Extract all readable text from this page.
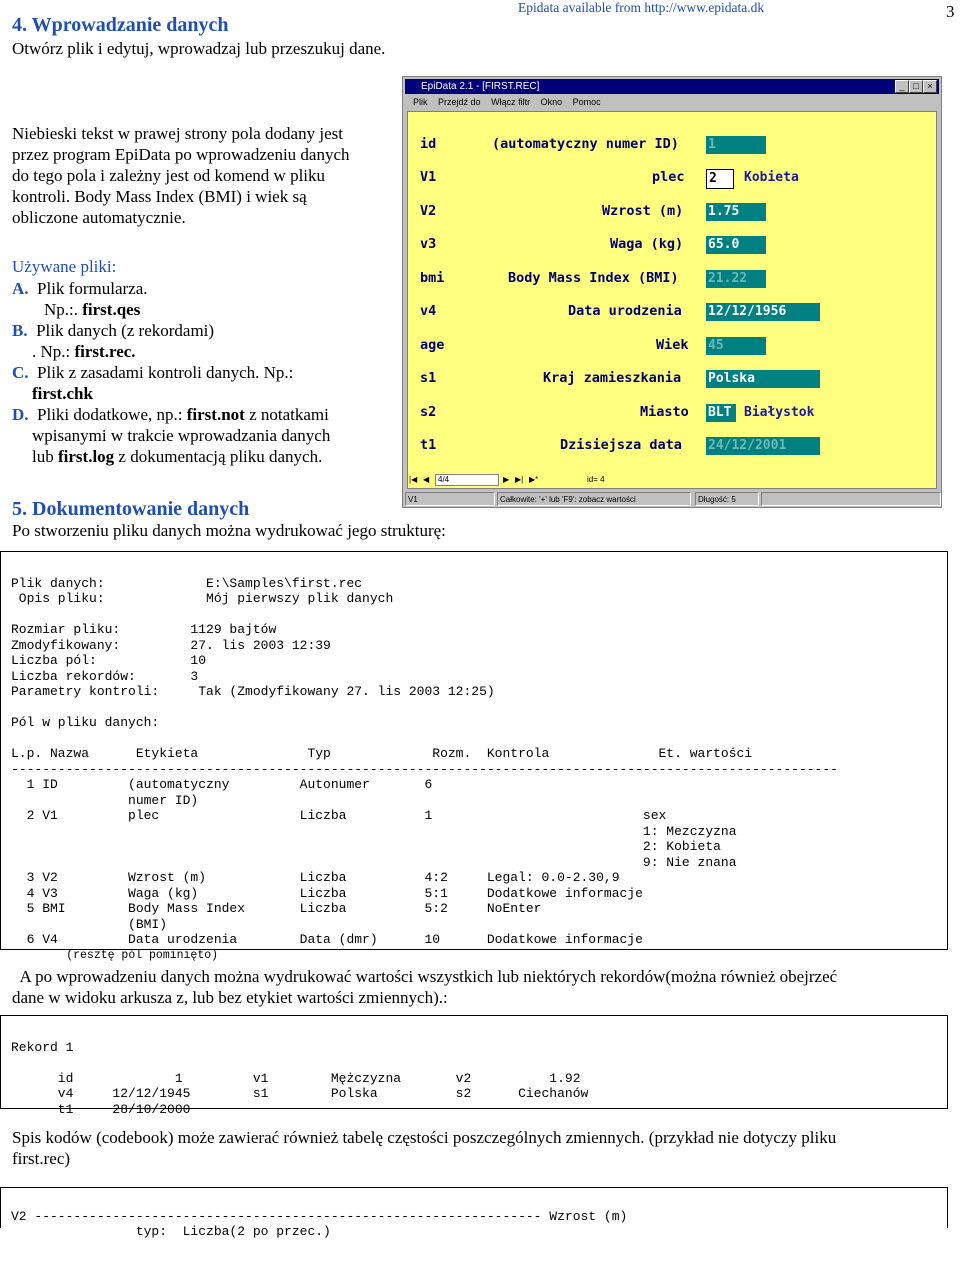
3
Epidata available from http://www.epidata.dk
4. Wprowadzanie danych
Otwórz plik i edytuj, wprowadzaj lub przeszukuj dane.
Niebieski tekst w prawej strony pola dodany jest
przez program EpiData po wprowadzeniu danych
do tego pola i zależny jest od komend w pliku
kontroli. Body Mass Index (BMI) i wiek są
obliczone automatycznie.
Używane pliki:
A. Plik formularza.
Np.:. first.qes
B. Plik danych (z rekordami)
. Np.: first.rec.
C. Plik z zasadami kontroli danych. Np.:
first.chk
D. Pliki dodatkowe, np.: first.not z notatkami
wpisanymi w trakcie wprowadzania danych
lub first.log z dokumentacją pliku danych.
EpiData 2.1 - [FIRST.REC]	_ □ ×
Plik Przejdź do Włącz filtr Okno Pomoc
id	(automatyczny numer ID) 1
V1	plec 2	Kobieta
V2	Wzrost (m) 1.75
v3	Waga (kg) 65.0
bmi	Body Mass Index (BMI) 21.22
v4	Data urodzenia 12/12/1956
age	Wiek 45
s1	Kraj zamieszkania Polska
s2	Miasto BLT Białystok
t1	Dzisiejsza data 24/12/2001
|◀ ◀	4/4	▶ ▶| ▶*	id= 4
V1	Całkowite: '+' lub 'F9': zobacz wartości	Długość: 5
5. Dokumentowanie danych
Po stworzeniu pliku danych można wydrukować jego strukturę:

Plik danych:             E:\Samples\first.rec
Opis pliku:             Mój pierwszy plik danych

Rozmiar pliku:         1129 bajtów
Zmodyfikowany:         27. lis 2003 12:39
Liczba pól:            10
Liczba rekordów:       3
Parametry kontroli:     Tak (Zmodyfikowany 27. lis 2003 12:25)

Pól w pliku danych:

L.p. Nazwa      Etykieta              Typ             Rozm.  Kontrola              Et. wartości
----------------------------------------------------------------------------------------------------------
1 ID         (automatyczny         Autonumer       6
numer ID)
2 V1         plec                  Liczba          1                           sex
1: Mezczyzna
2: Kobieta
9: Nie znana
3 V2         Wzrost (m)            Liczba          4:2     Legal: 0.0-2.30,9
4 V3         Waga (kg)             Liczba          5:1     Dodatkowe informacje
5 BMI        Body Mass Index       Liczba          5:2     NoEnter
(BMI)
6 V4         Data urodzenia        Data (dmr)      10      Dodatkowe informacje
(resztę pól pominięto)

A po wprowadzeniu danych można wydrukować wartości wszystkich lub niektórych rekordów(można również obejrzeć
dane w widoku arkusza z, lub bez etykiet wartości zmiennych).:

Rekord 1

id             1         v1        Mężczyzna       v2          1.92
v4     12/12/1945        s1        Polska          s2      Ciechanów
t1     28/10/2000

Spis kodów (codebook) może zawierać również tabelę częstości poszczególnych zmiennych. (przykład nie dotyczy pliku
first.rec)

V2 ----------------------------------------------------------------- Wzrost (m)
typ:  Liczba(2 po przec.)
